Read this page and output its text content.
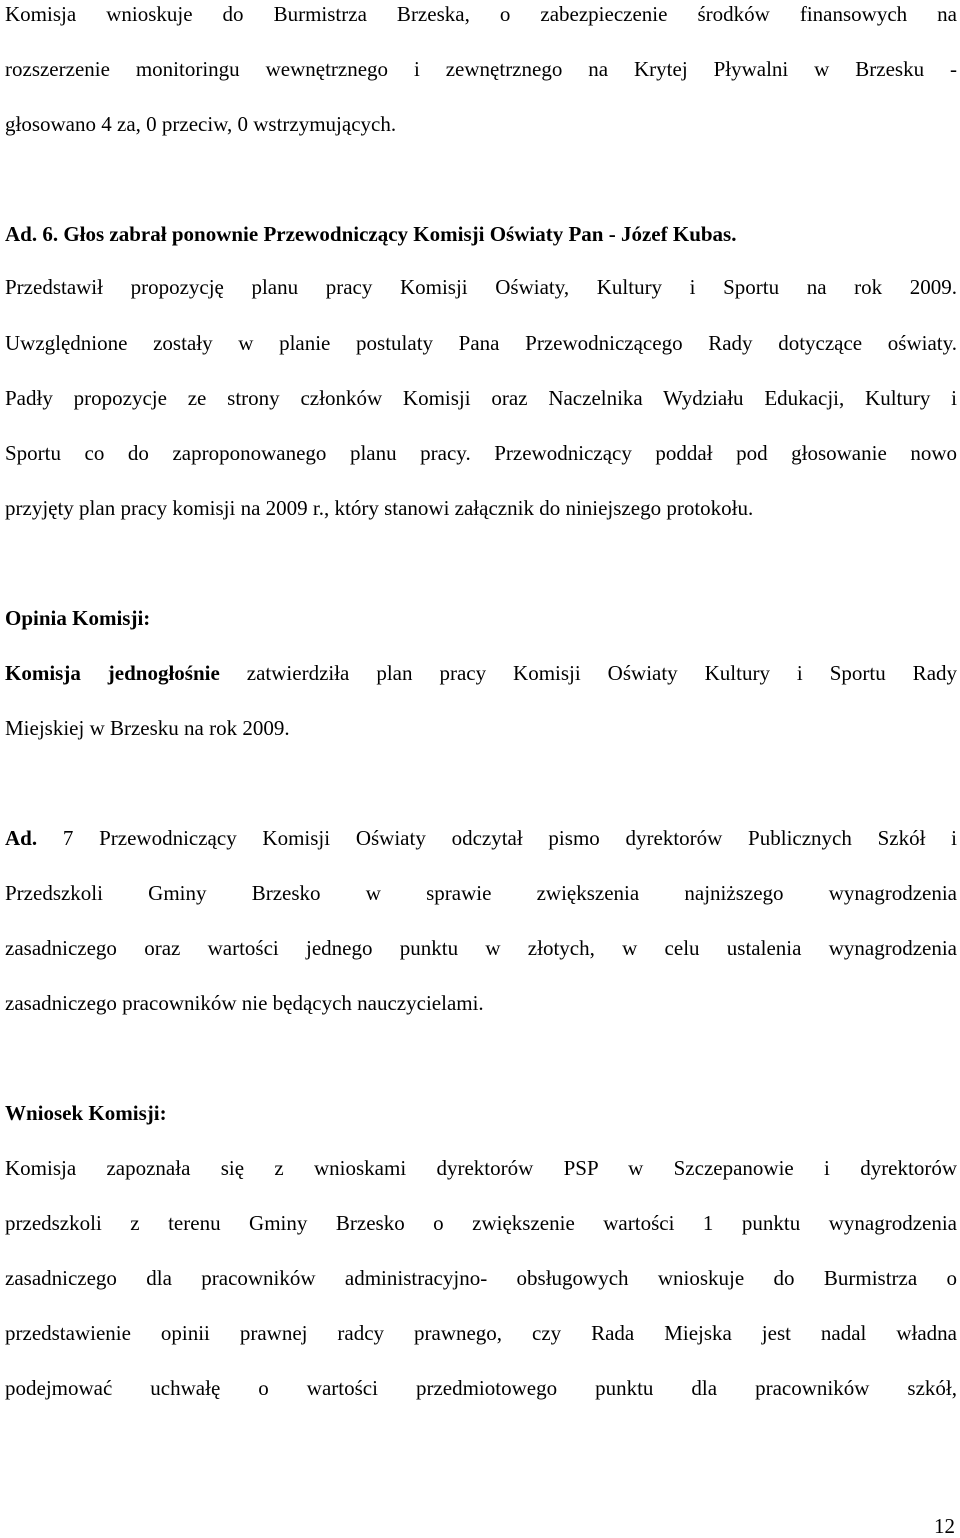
Komisja wnioskuje do Burmistrza Brzeska, o zabezpieczenie środków finansowych na
rozszerzenie monitoringu wewnętrznego i zewnętrznego na Krytej Pływalni w Brzesku -
głosowano 4 za, 0 przeciw, 0 wstrzymujących.
Ad. 6. Głos zabrał ponownie Przewodniczący Komisji Oświaty Pan - Józef Kubas.
Przedstawił propozycję planu pracy Komisji Oświaty, Kultury i Sportu na rok 2009.
Uwzględnione zostały w planie postulaty Pana Przewodniczącego Rady dotyczące oświaty.
Padły propozycje ze strony członków Komisji oraz Naczelnika Wydziału Edukacji, Kultury i
Sportu co do zaproponowanego planu pracy. Przewodniczący poddał pod głosowanie nowo
przyjęty plan pracy komisji na 2009 r., który stanowi załącznik do niniejszego protokołu.
Opinia Komisji:
Komisja jednogłośnie zatwierdziła plan pracy Komisji Oświaty Kultury i Sportu Rady
Miejskiej w Brzesku na rok 2009.
Ad. 7 Przewodniczący Komisji Oświaty odczytał pismo dyrektorów Publicznych Szkół i
Przedszkoli Gminy Brzesko w sprawie zwiększenia najniższego wynagrodzenia
zasadniczego oraz wartości jednego punktu w złotych, w celu ustalenia wynagrodzenia
zasadniczego pracowników nie będących nauczycielami.
Wniosek Komisji:
Komisja zapoznała się z wnioskami dyrektorów PSP w Szczepanowie i dyrektorów
przedszkoli z terenu Gminy Brzesko o zwiększenie wartości 1 punktu wynagrodzenia
zasadniczego dla pracowników administracyjno- obsługowych wnioskuje do Burmistrza o
przedstawienie opinii prawnej radcy prawnego, czy Rada Miejska jest nadal władna
podejmować uchwałę o wartości przedmiotowego punktu dla pracowników szkół,
12
